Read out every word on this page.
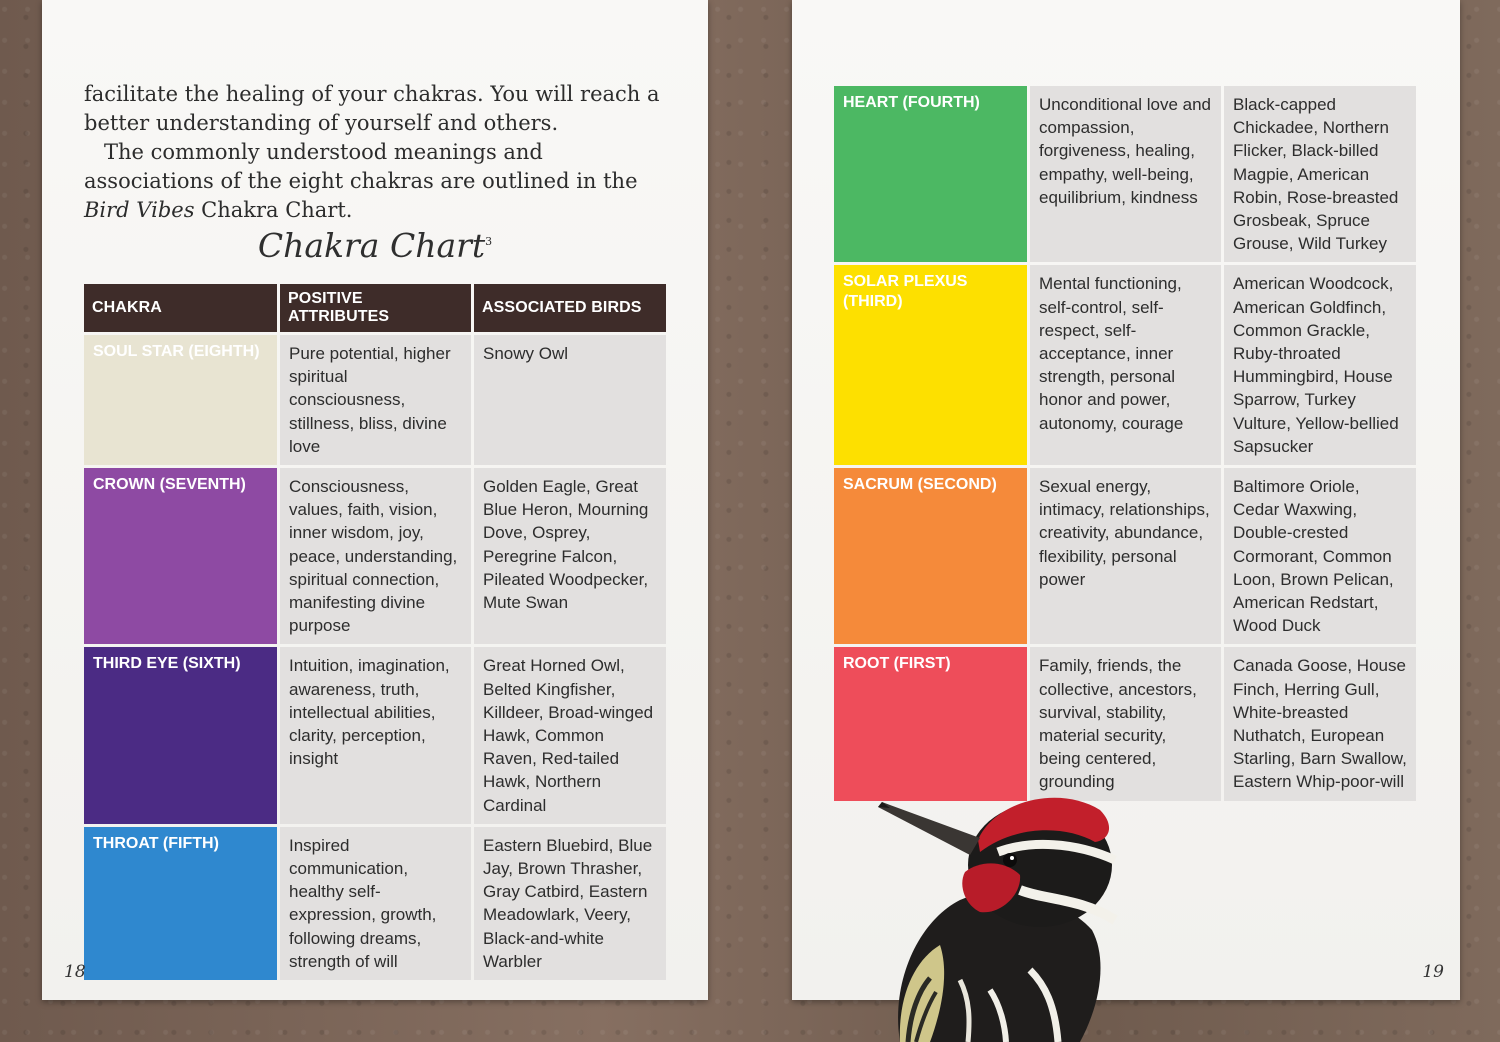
facilitate the healing of your chakras. You will reach a better understanding of yourself and others.

The commonly understood meanings and associations of the eight chakras are outlined in the Bird Vibes Chakra Chart.

Chakra Chart$^3$
CHAKRA	POSITIVE ATTRIBUTES	ASSOCIATED BIRDS
SOUL STAR (EIGHTH)	Pure potential, higher spiritual consciousness, stillness, bliss, divine love	Snowy Owl
CROWN (SEVENTH)	Consciousness, values, faith, vision, inner wisdom, joy, peace, understanding, spiritual connection, manifesting divine purpose	Golden Eagle, Great Blue Heron, Mourning Dove, Osprey, Peregrine Falcon, Pileated Woodpecker, Mute Swan
THIRD EYE (SIXTH)	Intuition, imagination, awareness, truth, intellectual abilities, clarity, perception, insight	Great Horned Owl, Belted Kingfisher, Killdeer, Broad-winged Hawk, Common Raven, Red-tailed Hawk, Northern Cardinal
THROAT (FIFTH)	Inspired communication, healthy self-expression, growth, following dreams, strength of will	Eastern Bluebird, Blue Jay, Brown Thrasher, Gray Catbird, Eastern Meadowlark, Veery, Black-and-white Warbler
18
HEART (FOURTH)	Unconditional love and compassion, forgiveness, healing, empathy, well-being, equilibrium, kindness	Black-capped Chickadee, Northern Flicker, Black-billed Magpie, American Robin, Rose-breasted Grosbeak, Spruce Grouse, Wild Turkey
SOLAR PLEXUS (THIRD)	Mental functioning, self-control, self-respect, self-acceptance, inner strength, personal honor and power, autonomy, courage	American Woodcock, American Goldfinch, Common Grackle, Ruby-throated Hummingbird, House Sparrow, Turkey Vulture, Yellow-bellied Sapsucker
SACRUM (SECOND)	Sexual energy, intimacy, relationships, creativity, abundance, flexibility, personal power	Baltimore Oriole, Cedar Waxwing, Double-crested Cormorant, Common Loon, Brown Pelican, American Redstart, Wood Duck
ROOT (FIRST)	Family, friends, the collective, ancestors, survival, stability, material security, being centered, grounding	Canada Goose, House Finch, Herring Gull, White-breasted Nuthatch, European Starling, Barn Swallow, Eastern Whip-poor-will
19
